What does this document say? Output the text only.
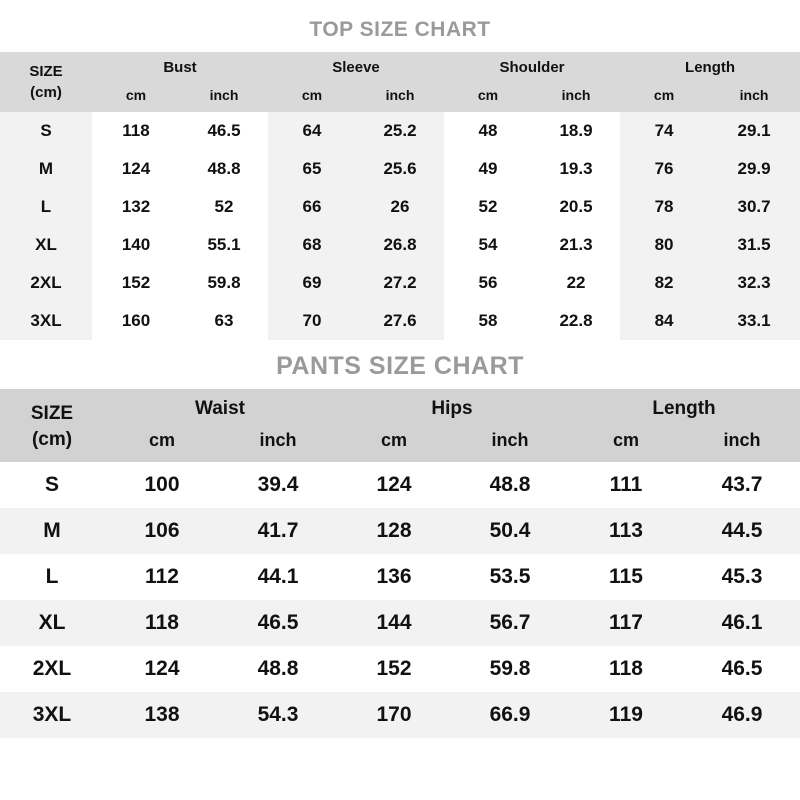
TOP SIZE CHART
SIZE
(cm)	Bust		Sleeve		Shoulder		Length	
	cm	inch	cm	inch	cm	inch	cm	inch
S	118	46.5	64	25.2	48	18.9	74	29.1
M	124	48.8	65	25.6	49	19.3	76	29.9
L	132	52	66	26	52	20.5	78	30.7
XL	140	55.1	68	26.8	54	21.3	80	31.5
2XL	152	59.8	69	27.2	56	22	82	32.3
3XL	160	63	70	27.6	58	22.8	84	33.1
PANTS SIZE CHART
SIZE
(cm)	Waist		Hips		Length	
	cm	inch	cm	inch	cm	inch
S	100	39.4	124	48.8	111	43.7
M	106	41.7	128	50.4	113	44.5
L	112	44.1	136	53.5	115	45.3
XL	118	46.5	144	56.7	117	46.1
2XL	124	48.8	152	59.8	118	46.5
3XL	138	54.3	170	66.9	119	46.9
